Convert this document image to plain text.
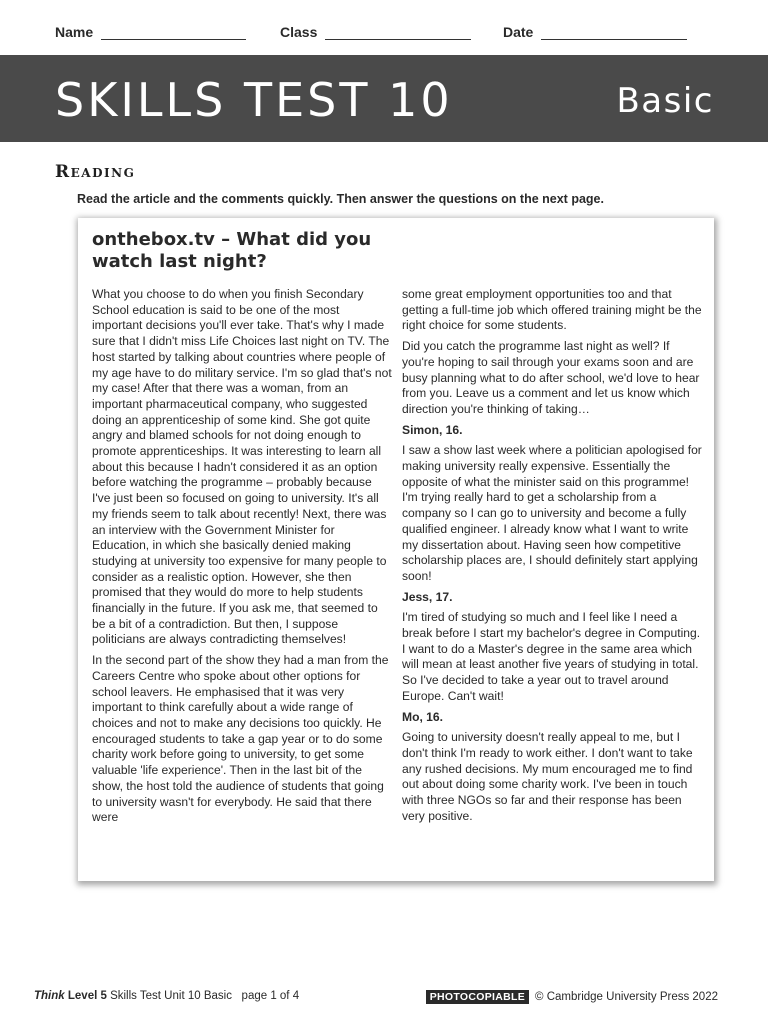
Name	Class	Date
SKILLS TEST 10	Basic
Reading
Read the article and the comments quickly. Then answer the questions on the next page.
onthebox.tv – What did you
watch last night?

What you choose to do when you finish Secondary School education is said to be one of the most important decisions you'll ever take. That's why I made sure that I didn't miss Life Choices last night on TV. The host started by talking about countries where people of my age have to do military service. I'm so glad that's not my case! After that there was a woman, from an important pharmaceutical company, who suggested doing an apprenticeship of some kind. She got quite angry and blamed schools for not doing enough to promote apprenticeships. It was interesting to learn all about this because I hadn't considered it as an option before watching the programme – probably because I've just been so focused on going to university. It's all my friends seem to talk about recently! Next, there was an interview with the Government Minister for Education, in which she basically denied making studying at university too expensive for many people to consider as a realistic option. However, she then promised that they would do more to help students financially in the future. If you ask me, that seemed to be a bit of a contradiction. But then, I suppose politicians are always contradicting themselves!

In the second part of the show they had a man from the Careers Centre who spoke about other options for school leavers. He emphasised that it was very important to think carefully about a wide range of choices and not to make any decisions too quickly. He encouraged students to take a gap year or to do some charity work before going to university, to get some valuable 'life experience'. Then in the last bit of the show, the host told the audience of students that going to university wasn't for everybody. He said that there were

some great employment opportunities too and that getting a full-time job which offered training might be the right choice for some students.

Did you catch the programme last night as well? If you're hoping to sail through your exams soon and are busy planning what to do after school, we'd love to hear from you. Leave us a comment and let us know which direction you're thinking of taking…

Simon, 16.

I saw a show last week where a politician apologised for making university really expensive. Essentially the opposite of what the minister said on this programme! I'm trying really hard to get a scholarship from a company so I can go to university and become a fully qualified engineer. I already know what I want to write my dissertation about. Having seen how competitive scholarship places are, I should definitely start applying soon!

Jess, 17.

I'm tired of studying so much and I feel like I need a break before I start my bachelor's degree in Computing. I want to do a Master's degree in the same area which will mean at least another five years of studying in total. So I've decided to take a year out to travel around Europe. Can't wait!

Mo, 16.

Going to university doesn't really appeal to me, but I don't think I'm ready to work either. I don't want to take any rushed decisions. My mum encouraged me to find out about doing some charity work. I've been in touch with three NGOs so far and their response has been very positive.

Think Level 5 Skills Test Unit 10 Basic page 1 of 4	PHOTOCOPIABLE © Cambridge University Press 2022
